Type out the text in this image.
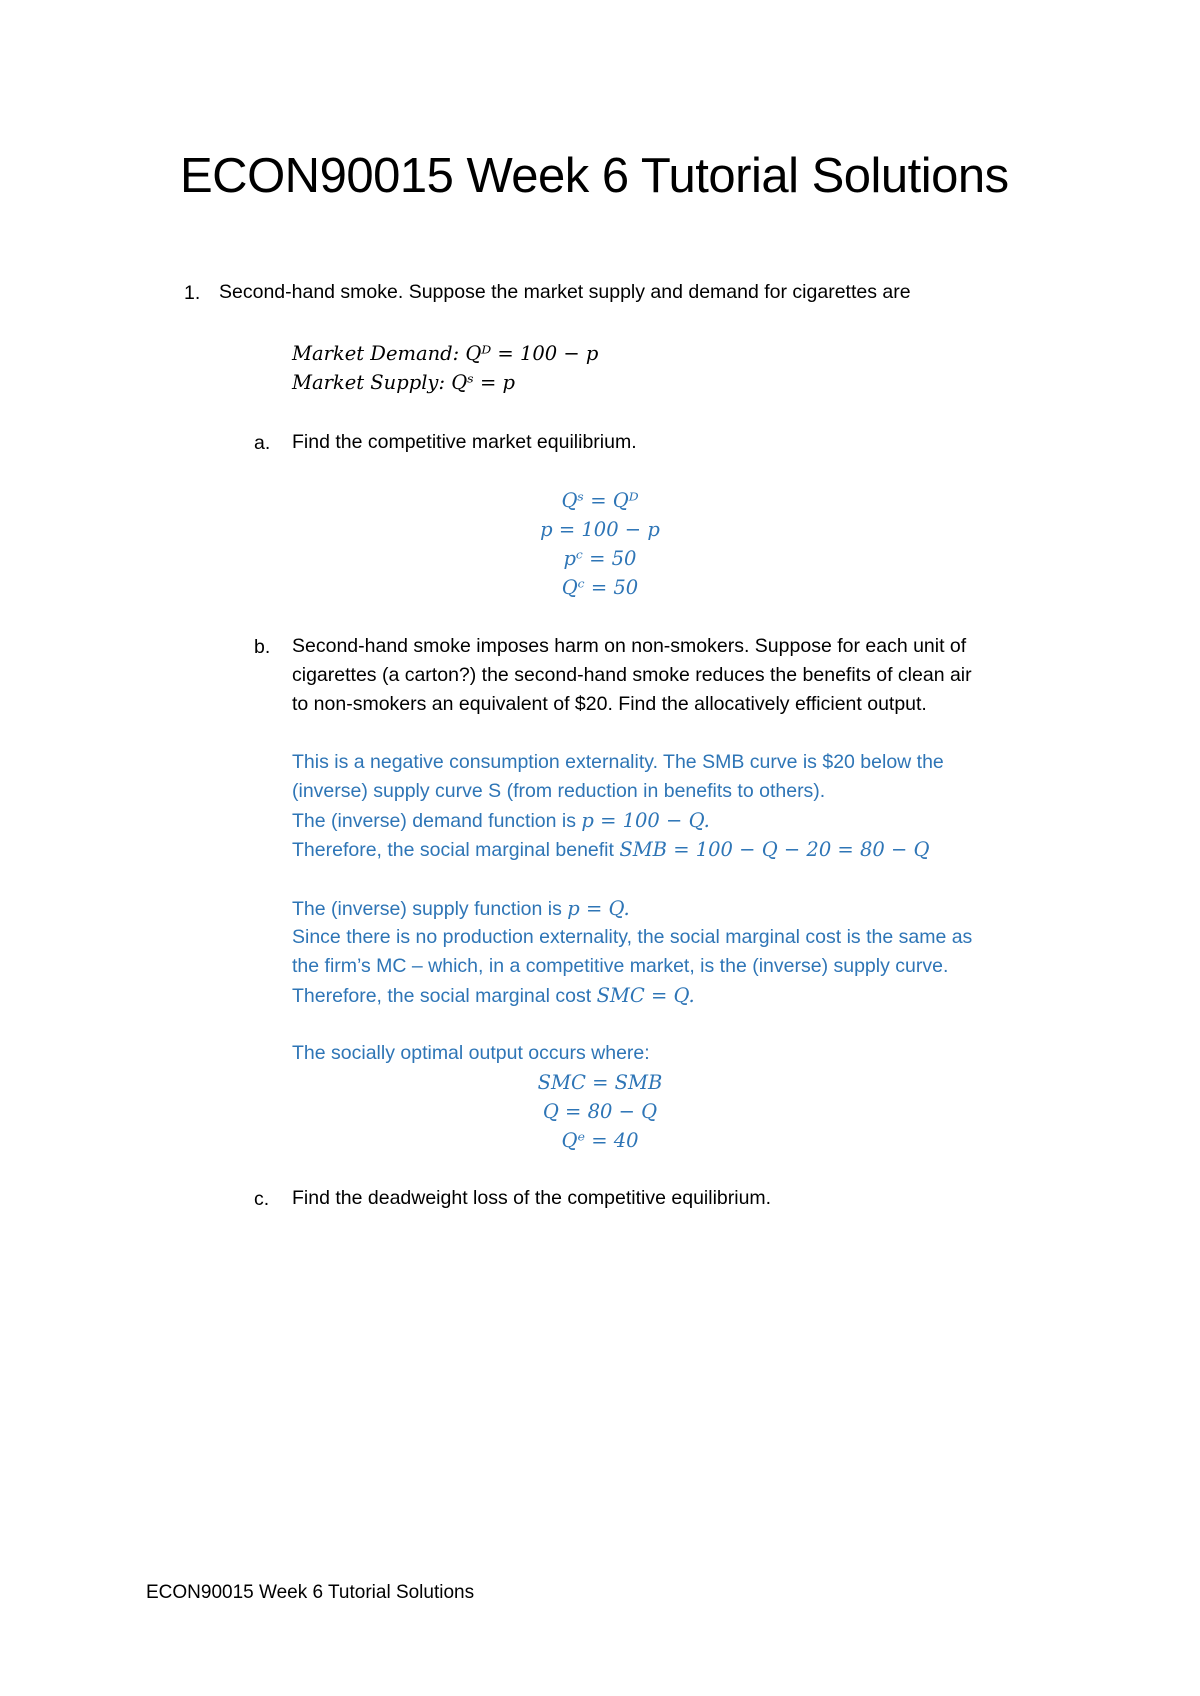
ECON90015 Week 6 Tutorial Solutions
1. Second-hand smoke. Suppose the market supply and demand for cigarettes are
Market Demand: Qᴰ = 100 − p
Market Supply: Qˢ = p
a. Find the competitive market equilibrium.
Qˢ = Qᴰ
p = 100 − p
pᶜ = 50
Qᶜ = 50
b. Second-hand smoke imposes harm on non-smokers. Suppose for each unit of
cigarettes (a carton?) the second-hand smoke reduces the benefits of clean air
to non-smokers an equivalent of $20. Find the allocatively efficient output.
This is a negative consumption externality. The SMB curve is $20 below the
(inverse) supply curve S (from reduction in benefits to others).
The (inverse) demand function is p = 100 − Q.
Therefore, the social marginal benefit SMB = 100 − Q − 20 = 80 − Q
The (inverse) supply function is p = Q.
Since there is no production externality, the social marginal cost is the same as
the firm’s MC – which, in a competitive market, is the (inverse) supply curve.
Therefore, the social marginal cost SMC = Q.
The socially optimal output occurs where:
SMC = SMB
Q = 80 − Q
Qᵉ = 40
c. Find the deadweight loss of the competitive equilibrium.
ECON90015 Week 6 Tutorial Solutions
